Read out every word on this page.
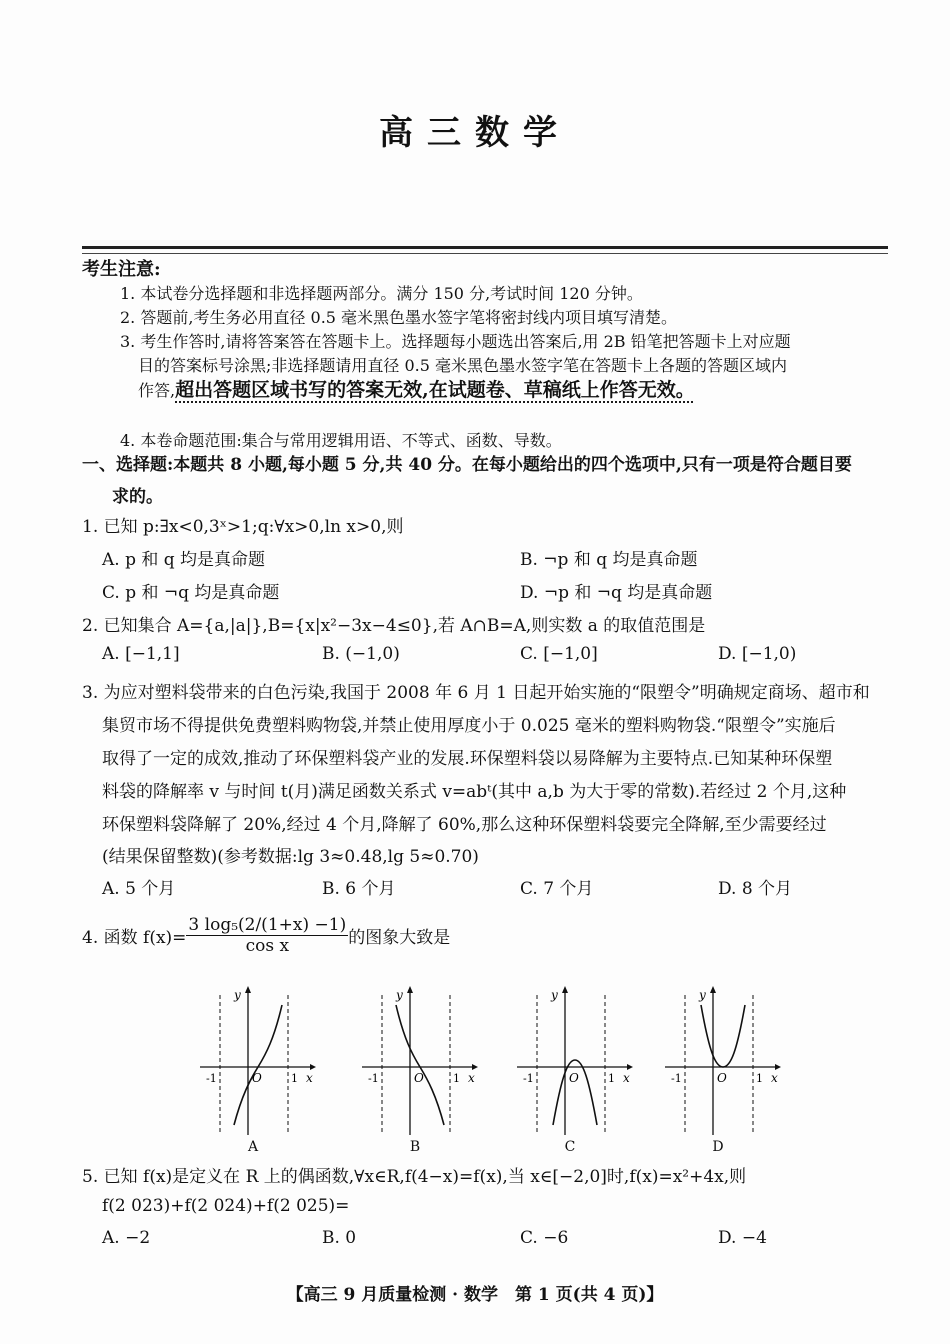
高三数学
考生注意:
1. 本试卷分选择题和非选择题两部分。满分 150 分,考试时间 120 分钟。
2. 答题前,考生务必用直径 0.5 毫米黑色墨水签字笔将密封线内项目填写清楚。
3. 考生作答时,请将答案答在答题卡上。选择题每小题选出答案后,用 2B 铅笔把答题卡上对应题
目的答案标号涂黑;非选择题请用直径 0.5 毫米黑色墨水签字笔在答题卡上各题的答题区域内
作答,超出答题区域书写的答案无效,在试题卷、草稿纸上作答无效。
4. 本卷命题范围:集合与常用逻辑用语、不等式、函数、导数。
一、选择题:本题共 8 小题,每小题 5 分,共 40 分。在每小题给出的四个选项中,只有一项是符合题目要
求的。
1. 已知 p:∃x<0,3ˣ>1;q:∀x>0,ln x>0,则
A. p 和 q 均是真命题	B. ¬p 和 q 均是真命题
C. p 和 ¬q 均是真命题	D. ¬p 和 ¬q 均是真命题
2. 已知集合 A={a,|a|},B={x|x²−3x−4≤0},若 A∩B=A,则实数 a 的取值范围是
A. [−1,1]	B. (−1,0)	C. [−1,0]	D. [−1,0)
3. 为应对塑料袋带来的白色污染,我国于 2008 年 6 月 1 日起开始实施的“限塑令”明确规定商场、超市和
集贸市场不得提供免费塑料购物袋,并禁止使用厚度小于 0.025 毫米的塑料购物袋.“限塑令”实施后
取得了一定的成效,推动了环保塑料袋产业的发展.环保塑料袋以易降解为主要特点.已知某种环保塑
料袋的降解率 v 与时间 t(月)满足函数关系式 v=abᵗ(其中 a,b 为大于零的常数).若经过 2 个月,这种
环保塑料袋降解了 20%,经过 4 个月,降解了 60%,那么这种环保塑料袋要完全降解,至少需要经过
(结果保留整数)(参考数据:lg 3≈0.48,lg 5≈0.70)
A. 5 个月	B. 6 个月	C. 7 个月	D. 8 个月
4. 函数 $f(x)= \frac{\text{3 log₅(2/(1+x) −1)}}{\text{cos x}}$ 的图象大致是
y
x
O
-1	1
A
y
x
O
-1	1
B
y
x
O
-1	1
C
y
x
O
-1	1
D
5. 已知 f(x)是定义在 R 上的偶函数,∀x∈R,f(4−x)=f(x),当 x∈[−2,0]时,f(x)=x²+4x,则
f(2 023)+f(2 024)+f(2 025)=
A. −2	B. 0	C. −6	D. −4
【高三 9 月质量检测 · 数学　第 1 页(共 4 页)】
